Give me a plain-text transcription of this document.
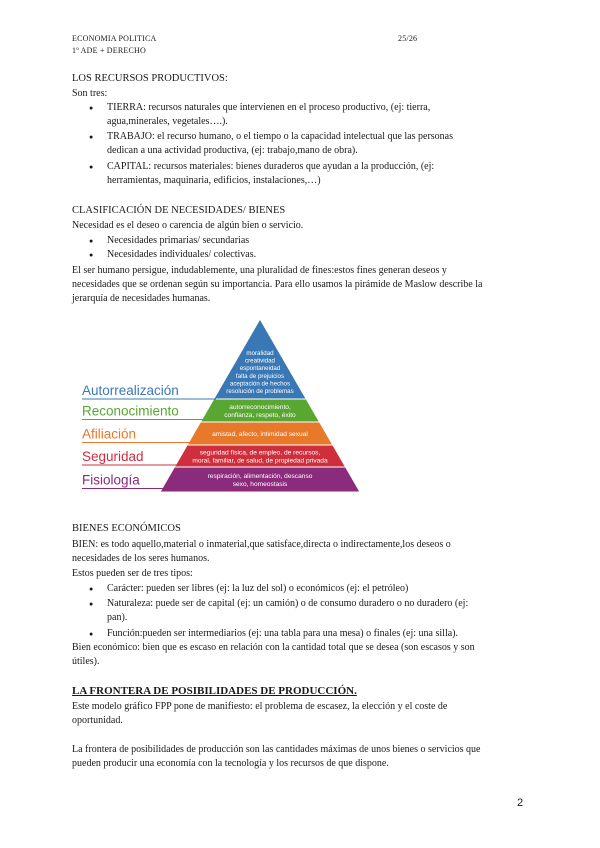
ECONOMIA POLITICA
1º ADE + DERECHO
25/26
LOS RECURSOS PRODUCTIVOS:
Son tres:
● TIERRA: recursos naturales que intervienen en el proceso productivo, (ej: tierra,
agua,minerales, vegetales….).
● TRABAJO: el recurso humano, o el tiempo o la capacidad intelectual que las personas
dedican a una actividad productiva, (ej: trabajo,mano de obra).
● CAPITAL: recursos materiales: bienes duraderos que ayudan a la producción, (ej:
herramientas, maquinaria, edificios, instalaciones,…)
CLASIFICACIÓN DE NECESIDADES/ BIENES
Necesidad es el deseo o carencia de algún bien o servicio.
● Necesidades primarias/ secundarias
● Necesidades individuales/ colectivas.
El ser humano persigue, indudablemente, una pluralidad de fines:estos fines generan deseos y
necesidades que se ordenan según su importancia. Para ello usamos la pirámide de Maslow describe la
jerarquía de necesidades humanas.
Autorrealización
Reconocimiento
Afiliación
Seguridad
Fisiología
moralidad
creatividad
espontaneidad
falta de prejuicios
aceptación de hechos
resolución de problemas
autorreconocimiento,
confianza, respeto, éxito
amistad, afecto, intimidad sexual
seguridad física, de empleo, de recursos,
moral, familiar, de salud, de propiedad privada
respiración, alimentación, descanso
sexo, homeostasis
BIENES ECONÓMICOS
BIEN: es todo aquello,material o inmaterial,que satisface,directa o indirectamente,los deseos o
necesidades de los seres humanos.
Estos pueden ser de tres tipos:
● Carácter: pueden ser libres (ej: la luz del sol) o económicos (ej: el petróleo)
● Naturaleza: puede ser de capital (ej: un camión) o de consumo duradero o no duradero (ej:
pan).
● Función:pueden ser intermediarios (ej: una tabla para una mesa) o finales (ej: una silla).
Bien económico: bien que es escaso en relación con la cantidad total que se desea (son escasos y son
útiles).
LA FRONTERA DE POSIBILIDADES DE PRODUCCIÓN.
Este modelo gráfico FPP pone de manifiesto: el problema de escasez, la elección y el coste de
oportunidad.
La frontera de posibilidades de producción son las cantidades máximas de unos bienes o servicios que
pueden producir una economía con la tecnología y los recursos de que dispone.
2
